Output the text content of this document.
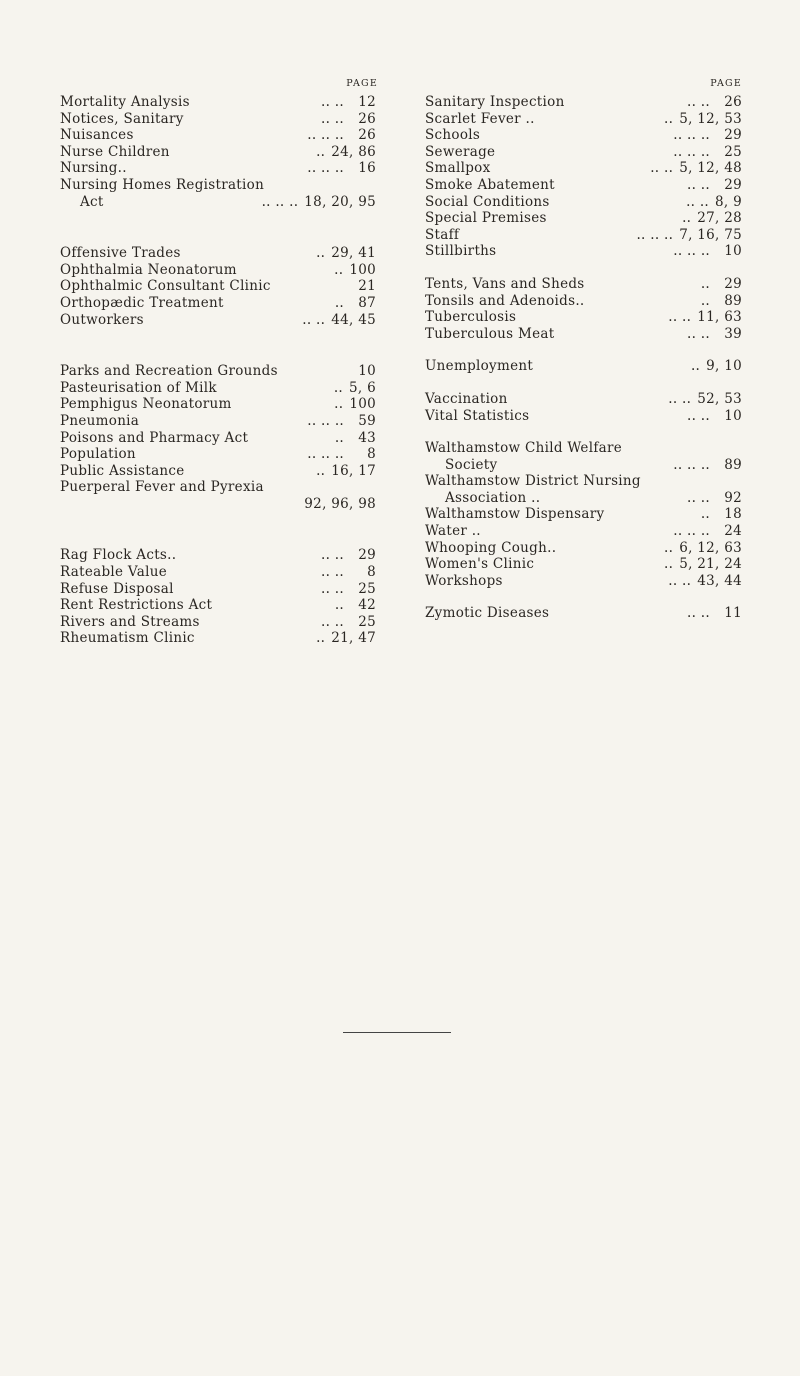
PAGE
Mortality Analysis	.. ..	12
Notices, Sanitary	.. ..	26
Nuisances	.. .. ..	26
Nurse Children	.. 24, 86
Nursing..	.. .. ..	16
Nursing Homes Registration
Act	.. .. .. 18, 20, 95
Offensive Trades	.. 29, 41
Ophthalmia Neonatorum	.. 100
Ophthalmic Consultant Clinic	21
Orthopædic Treatment	..	87
Outworkers	.. .. 44, 45
Parks and Recreation Grounds	10
Pasteurisation of Milk	.. 5, 6
Pemphigus Neonatorum	.. 100
Pneumonia	.. .. ..	59
Poisons and Pharmacy Act	..	43
Population	.. .. ..	8
Public Assistance	.. 16, 17
Puerperal Fever and Pyrexia
92, 96, 98
Rag Flock Acts..	.. ..	29
Rateable Value	.. ..	8
Refuse Disposal	.. ..	25
Rent Restrictions Act	..	42
Rivers and Streams	.. ..	25
Rheumatism Clinic	.. 21, 47
PAGE
Sanitary Inspection	.. ..	26
Scarlet Fever ..	.. 5, 12, 53
Schools	.. .. ..	29
Sewerage	.. .. ..	25
Smallpox	.. .. 5, 12, 48
Smoke Abatement	.. ..	29
Social Conditions	.. .. 8, 9
Special Premises	.. 27, 28
Staff	.. .. .. 7, 16, 75
Stillbirths	.. .. ..	10
Tents, Vans and Sheds	..	29
Tonsils and Adenoids..	..	89
Tuberculosis	.. .. 11, 63
Tuberculous Meat	.. ..	39
Unemployment	.. 9, 10
Vaccination	.. .. 52, 53
Vital Statistics	.. ..	10
Walthamstow Child Welfare
Society	.. .. ..	89
Walthamstow District Nursing
Association ..	.. ..	92
Walthamstow Dispensary	..	18
Water ..	.. .. ..	24
Whooping Cough..	.. 6, 12, 63
Women's Clinic	.. 5, 21, 24
Workshops	.. .. 43, 44
Zymotic Diseases	.. ..	11
